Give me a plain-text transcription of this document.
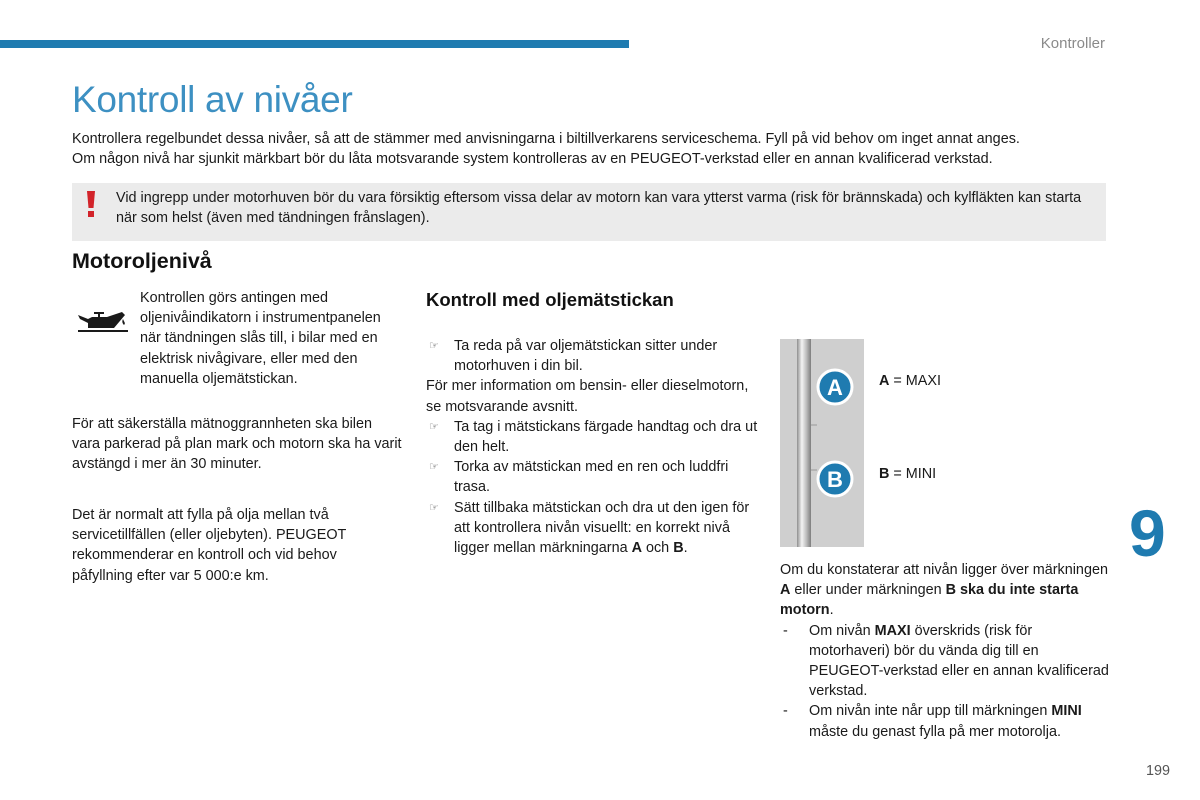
Kontroller
Kontroll av nivåer
Kontrollera regelbundet dessa nivåer, så att de stämmer med anvisningarna i biltillverkarens serviceschema. Fyll på vid behov om inget annat anges.
Om någon nivå har sjunkit märkbart bör du låta motsvarande system kontrolleras av en PEUGEOT-verkstad eller en annan kvalificerad verkstad.
Vid ingrepp under motorhuven bör du vara försiktig eftersom vissa delar av motorn kan vara ytterst varma (risk för brännskada) och kylfläkten kan starta när som helst (även med tändningen frånslagen).
Motoroljenivå
Kontrollen görs antingen med oljenivåindikatorn i instrumentpanelen när tändningen slås till, i bilar med en elektrisk nivågivare, eller med den manuella oljemätstickan.
För att säkerställa mätnoggrannheten ska bilen vara parkerad på plan mark och motorn ska ha varit avstängd i mer än 30 minuter.
Det är normalt att fylla på olja mellan två servicetillfällen (eller oljebyten). PEUGEOT rekommenderar en kontroll och vid behov påfyllning efter var 5 000:e km.
Kontroll med oljemätstickan
☞ Ta reda på var oljemätstickan sitter under motorhuven i din bil.
För mer information om bensin- eller dieselmotorn, se motsvarande avsnitt.
☞ Ta tag i mätstickans färgade handtag och dra ut den helt.
☞ Torka av mätstickan med en ren och luddfri trasa.
☞ Sätt tillbaka mätstickan och dra ut den igen för att kontrollera nivån visuellt: en korrekt nivå ligger mellan märkningarna A och B.
A
B
A = MAXI
B = MINI
Om du konstaterar att nivån ligger över märkningen A eller under märkningen B ska du inte starta motorn.
- Om nivån MAXI överskrids (risk för motorhaveri) bör du vända dig till en PEUGEOT-verkstad eller en annan kvalificerad verkstad.
- Om nivån inte når upp till märkningen MINI måste du genast fylla på mer motorolja.
9
199
